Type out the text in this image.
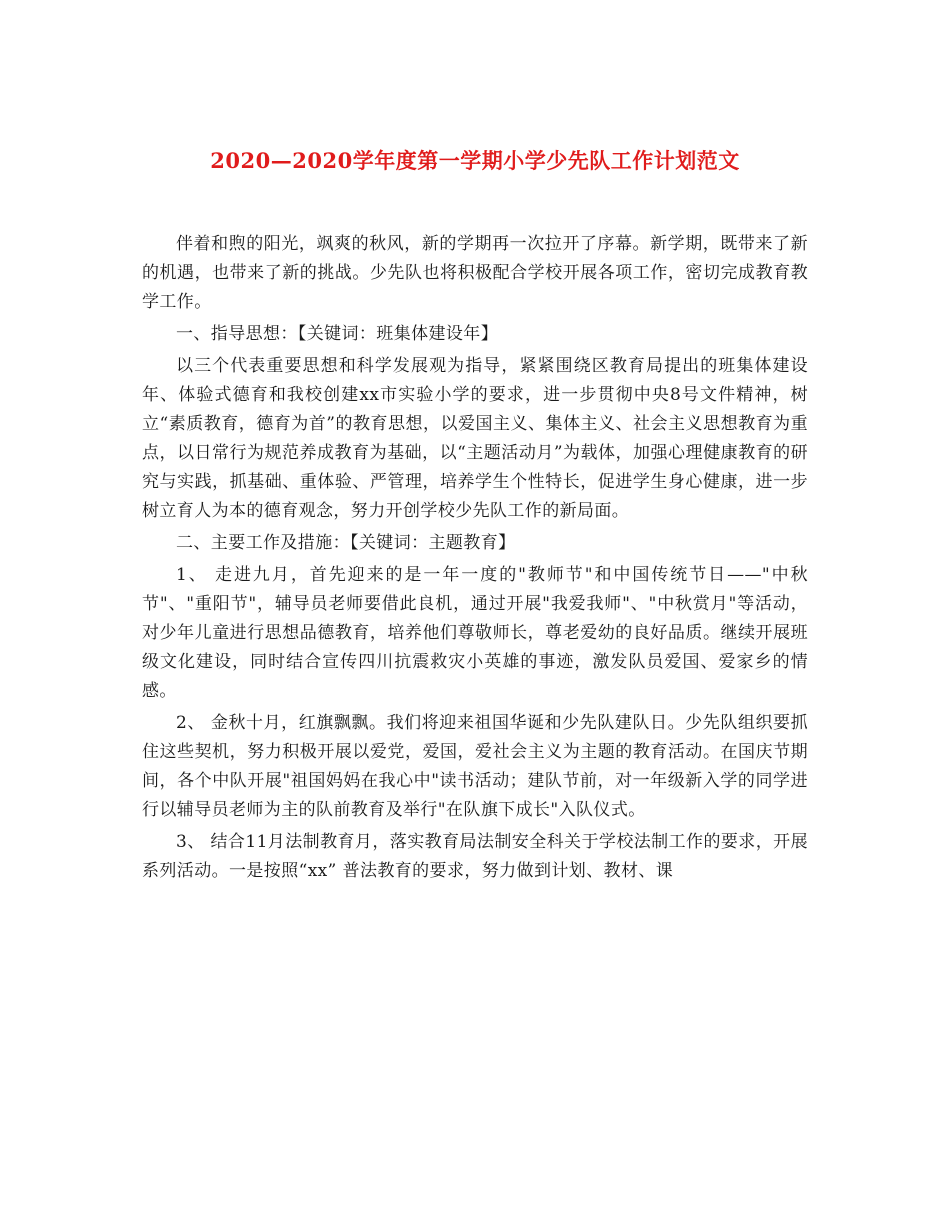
2020—2020学年度第一学期小学少先队工作计划范文

伴着和煦的阳光，飒爽的秋风，新的学期再一次拉开了序幕。新学期，既带来了新的机遇，也带来了新的挑战。少先队也将积极配合学校开展各项工作，密切完成教育教学工作。

一、指导思想：【关键词：班集体建设年】

以三个代表重要思想和科学发展观为指导，紧紧围绕区教育局提出的班集体建设年、体验式德育和我校创建xx市实验小学的要求，进一步贯彻中央8号文件精神，树立“素质教育，德育为首”的教育思想，以爱国主义、集体主义、社会主义思想教育为重点，以日常行为规范养成教育为基础，以“主题活动月”为载体，加强心理健康教育的研究与实践，抓基础、重体验、严管理，培养学生个性特长，促进学生身心健康，进一步树立育人为本的德育观念，努力开创学校少先队工作的新局面。

二、主要工作及措施：【关键词：主题教育】

1、 走进九月，首先迎来的是一年一度的"教师节"和中国传统节日——"中秋节"、"重阳节"，辅导员老师要借此良机，通过开展"我爱我师"、"中秋赏月"等活动，对少年儿童进行思想品德教育，培养他们尊敬师长，尊老爱幼的良好品质。继续开展班级文化建设，同时结合宣传四川抗震救灾小英雄的事迹，激发队员爱国、爱家乡的情感。

2、 金秋十月，红旗飘飘。我们将迎来祖国华诞和少先队建队日。少先队组织要抓住这些契机，努力积极开展以爱党，爱国，爱社会主义为主题的教育活动。在国庆节期间，各个中队开展"祖国妈妈在我心中"读书活动；建队节前，对一年级新入学的同学进行以辅导员老师为主的队前教育及举行"在队旗下成长"入队仪式。

3、 结合11月法制教育月，落实教育局法制安全科关于学校法制工作的要求，开展系列活动。一是按照“xx” 普法教育的要求，努力做到计划、教材、课
